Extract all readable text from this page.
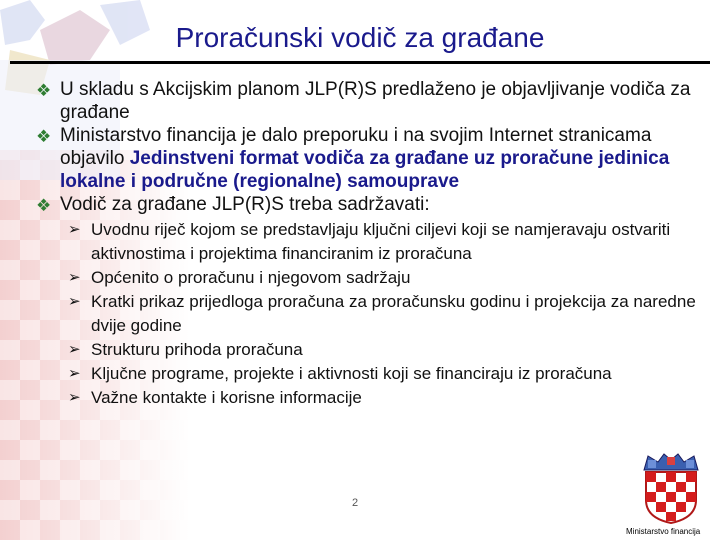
Proračunski vodič za građane
❖ U skladu s Akcijskim planom JLP(R)S predlaženo je objavljivanje vodiča za građane
❖ Ministarstvo financija je dalo preporuku i na svojim Internet stranicama objavilo Jedinstveni format vodiča za građane uz proračune jedinica lokalne i područne (regionalne) samouprave
❖ Vodič za građane JLP(R)S treba sadržavati:
➢ Uvodnu riječ kojom se predstavljaju ključni ciljevi koji se namjeravaju ostvariti aktivnostima i projektima financiranim iz proračuna
➢ Općenito o proračunu i njegovom sadržaju
➢ Kratki prikaz prijedloga proračuna za proračunsku godinu i projekcija za naredne dvije godine
➢ Strukturu prihoda proračuna
➢ Ključne programe, projekte i aktivnosti koji se financiraju iz proračuna
➢ Važne kontakte i korisne informacije
2
Ministarstvo financija
